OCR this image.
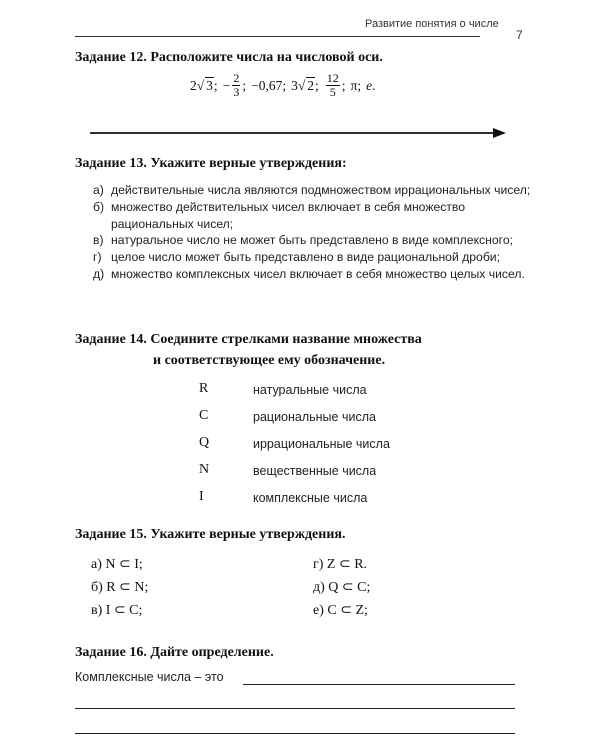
Развитие понятия о числе
7
Задание 12. Расположите числа на числовой оси.
2√ 3 ; − $\frac{2}{3}$ ; −0,67 ; 3√ 2 ; $\frac{12}{5}$ ; π ; e .
Задание 13. Укажите верные утверждения:
а) действительные числа являются подмножеством иррациональных чисел;
б) множество действительных чисел включает в себя множество рациональных чисел;
в) натуральное число не может быть представлено в виде комплексного;
г) целое число может быть представлено в виде рациональной дроби;
д) множество комплексных чисел включает в себя множество целых чисел.
Задание 14. Соедините стрелками название множества
и соответствующее ему обозначение.
R	натуральные числа
C	рациональные числа
Q	иррациональные числа
N	вещественные числа
I	комплексные числа
Задание 15. Укажите верные утверждения.
а) N ⊂ I;
б) R ⊂ N;
в) I ⊂ C;
г) Z ⊂ R.
д) Q ⊂ C;
е) C ⊂ Z;
Задание 16. Дайте определение.
Комплексные числа – это
